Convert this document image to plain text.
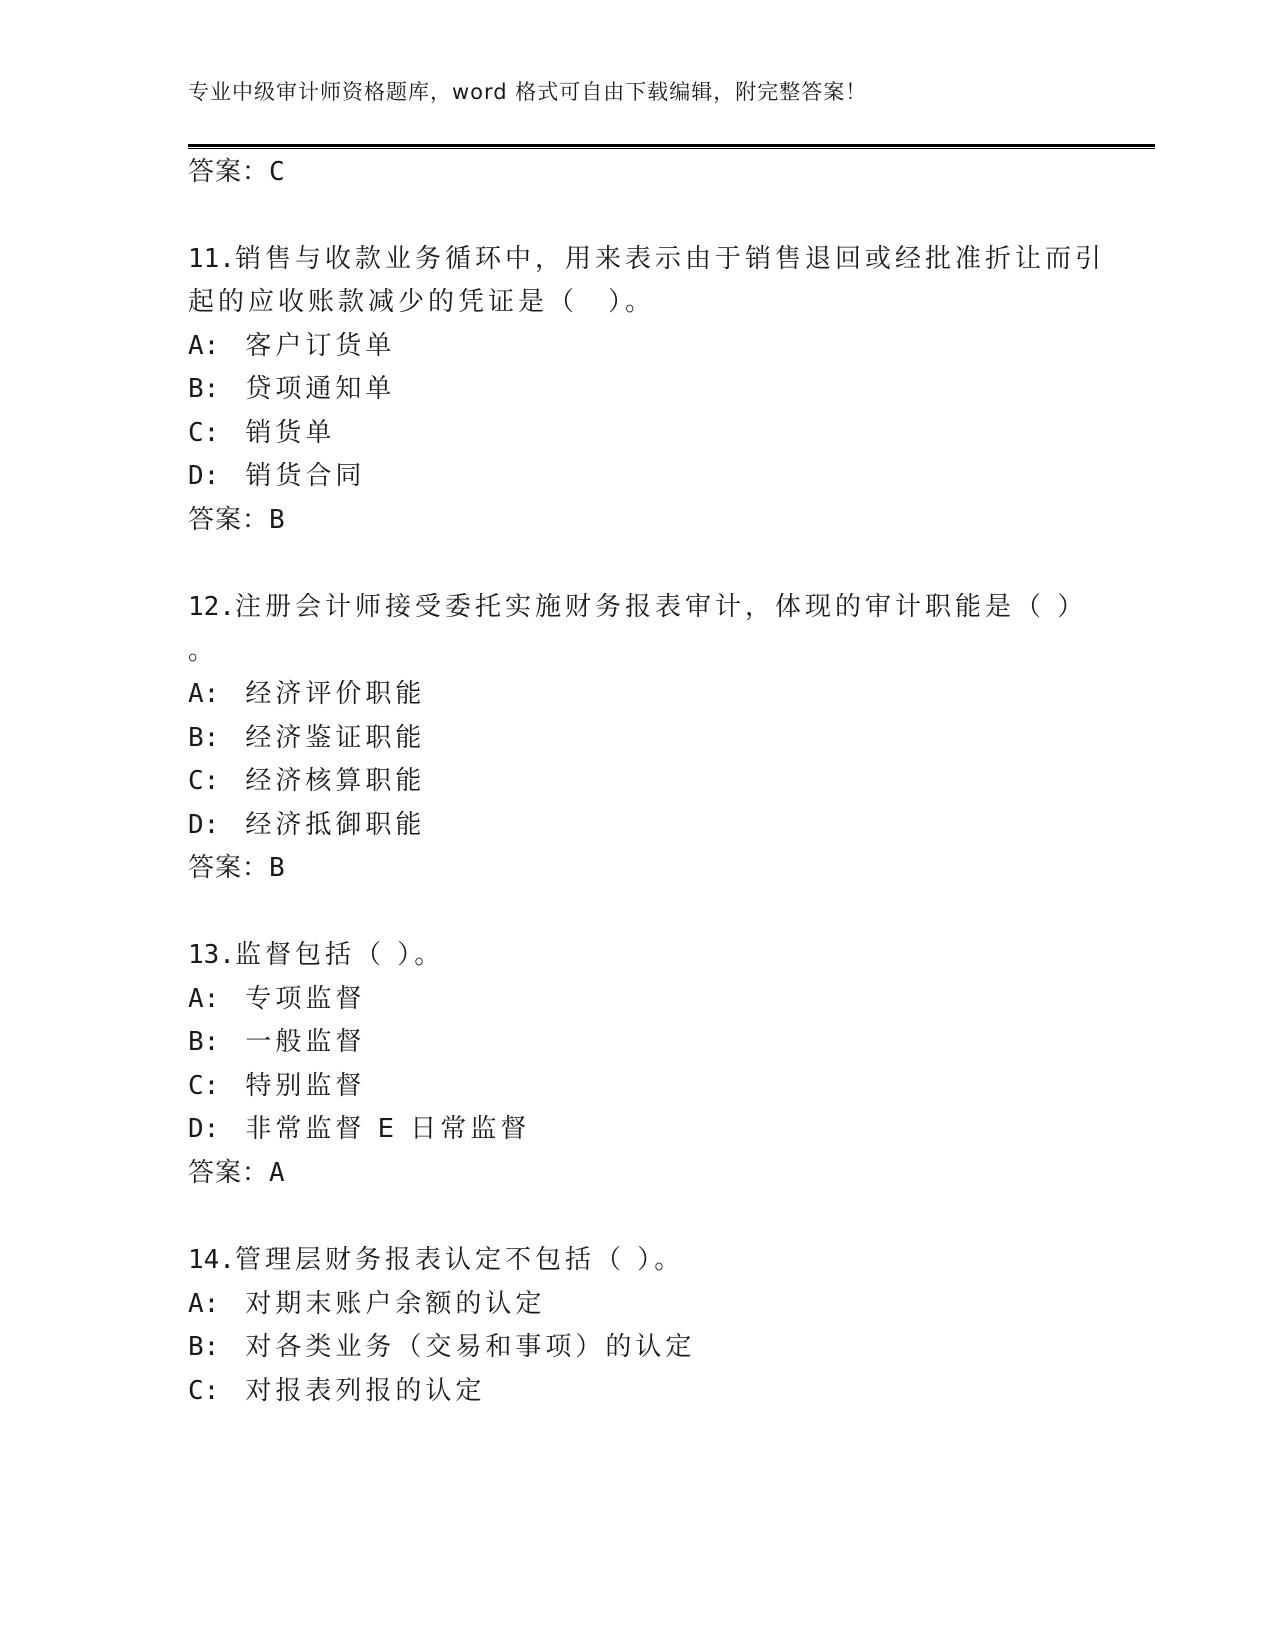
专业中级审计师资格题库，word 格式可自由下载编辑，附完整答案！
答案：C
11.销售与收款业务循环中，用来表示由于销售退回或经批准折让而引
起的应收账款减少的凭证是（　）。
A: 客户订货单
B: 贷项通知单
C: 销货单
D: 销货合同
答案：B
12.注册会计师接受委托实施财务报表审计，体现的审计职能是（ ）
。
A: 经济评价职能
B: 经济鉴证职能
C: 经济核算职能
D: 经济抵御职能
答案：B
13.监督包括（ ）。
A: 专项监督
B: 一般监督
C: 特别监督
D: 非常监督 E 日常监督
答案：A
14.管理层财务报表认定不包括（ ）。
A: 对期末账户余额的认定
B: 对各类业务（交易和事项）的认定
C: 对报表列报的认定
